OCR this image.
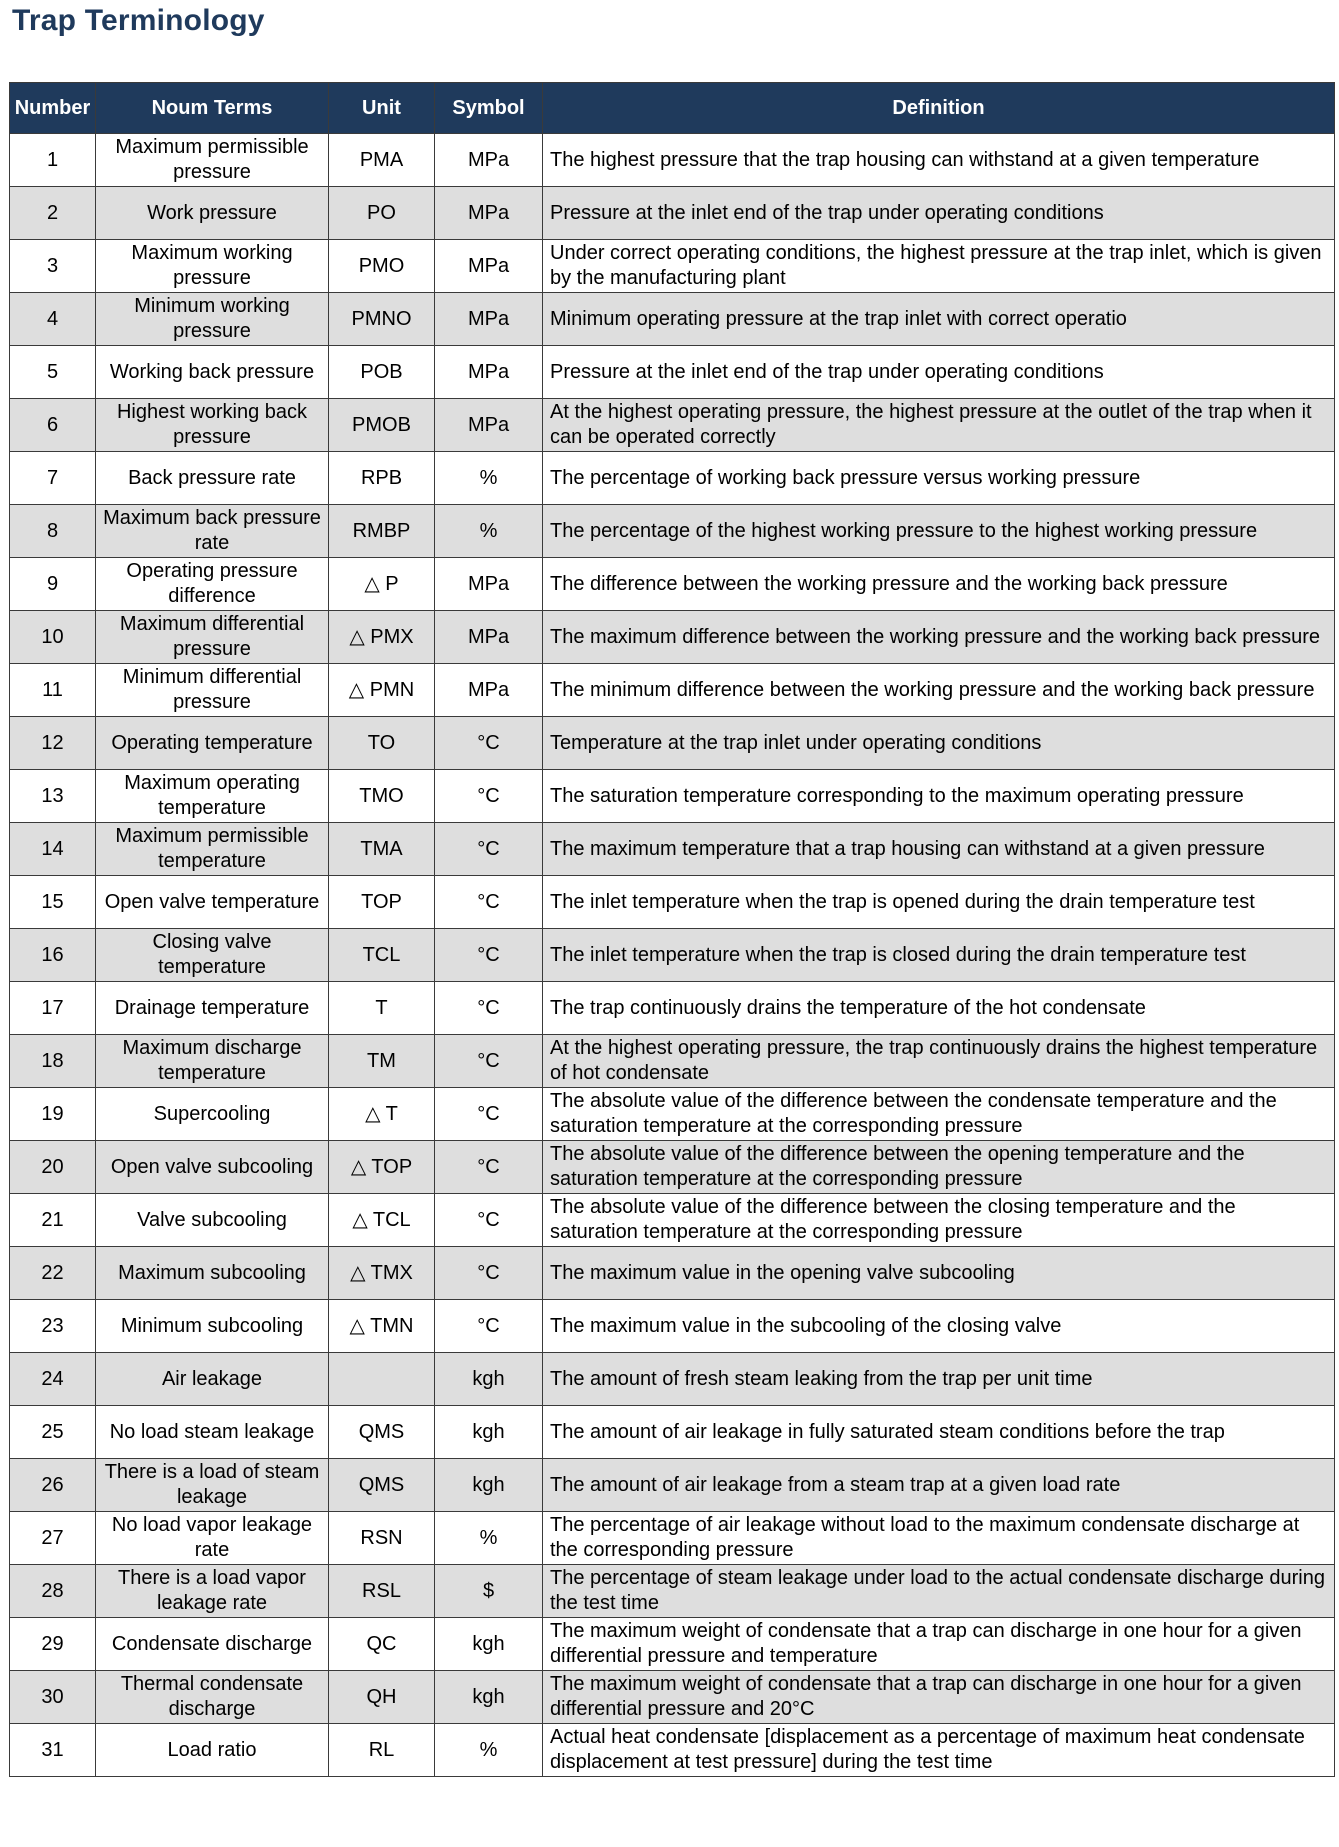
Trap Terminology
Number	Noum Terms	Unit	Symbol	Definition
1	Maximum permissible pressure	PMA	MPa	The highest pressure that the trap housing can withstand at a given temperature
2	Work pressure	PO	MPa	Pressure at the inlet end of the trap under operating conditions
3	Maximum working pressure	PMO	MPa	Under correct operating conditions, the highest pressure at the trap inlet, which is given by the manufacturing plant
4	Minimum working pressure	PMNO	MPa	Minimum operating pressure at the trap inlet with correct operatio
5	Working back pressure	POB	MPa	Pressure at the inlet end of the trap under operating conditions
6	Highest working back pressure	PMOB	MPa	At the highest operating pressure, the highest pressure at the outlet of the trap when it can be operated correctly
7	Back pressure rate	RPB	%	The percentage of working back pressure versus working pressure
8	Maximum back pressure rate	RMBP	%	The percentage of the highest working pressure to the highest working pressure
9	Operating pressure difference	△ P	MPa	The difference between the working pressure and the working back pressure
10	Maximum differential pressure	△ PMX	MPa	The maximum difference between the working pressure and the working back pressure
11	Minimum differential pressure	△ PMN	MPa	The minimum difference between the working pressure and the working back pressure
12	Operating temperature	TO	°C	Temperature at the trap inlet under operating conditions
13	Maximum operating temperature	TMO	°C	The saturation temperature corresponding to the maximum operating pressure
14	Maximum permissible temperature	TMA	°C	The maximum temperature that a trap housing can withstand at a given pressure
15	Open valve temperature	TOP	°C	The inlet temperature when the trap is opened during the drain temperature test
16	Closing valve temperature	TCL	°C	The inlet temperature when the trap is closed during the drain temperature test
17	Drainage temperature	T	°C	The trap continuously drains the temperature of the hot condensate
18	Maximum discharge temperature	TM	°C	At the highest operating pressure, the trap continuously drains the highest temperature of hot condensate
19	Supercooling	△ T	°C	The absolute value of the difference between the condensate temperature and the saturation temperature at the corresponding pressure
20	Open valve subcooling	△ TOP	°C	The absolute value of the difference between the opening temperature and the saturation temperature at the corresponding pressure
21	Valve subcooling	△ TCL	°C	The absolute value of the difference between the closing temperature and the saturation temperature at the corresponding pressure
22	Maximum subcooling	△ TMX	°C	The maximum value in the opening valve subcooling
23	Minimum subcooling	△ TMN	°C	The maximum value in the subcooling of the closing valve
24	Air leakage		kgh	The amount of fresh steam leaking from the trap per unit time
25	No load steam leakage	QMS	kgh	The amount of air leakage in fully saturated steam conditions before the trap
26	There is a load of steam leakage	QMS	kgh	The amount of air leakage from a steam trap at a given load rate
27	No load vapor leakage rate	RSN	%	The percentage of air leakage without load to the maximum condensate discharge at the corresponding pressure
28	There is a load vapor leakage rate	RSL	$	The percentage of steam leakage under load to the actual condensate discharge during the test time
29	Condensate discharge	QC	kgh	The maximum weight of condensate that a trap can discharge in one hour for a given differential pressure and temperature
30	Thermal condensate discharge	QH	kgh	The maximum weight of condensate that a trap can discharge in one hour for a given differential pressure and 20°C
31	Load ratio	RL	%	Actual heat condensate [displacement as a percentage of maximum heat condensate displacement at test pressure] during the test time
